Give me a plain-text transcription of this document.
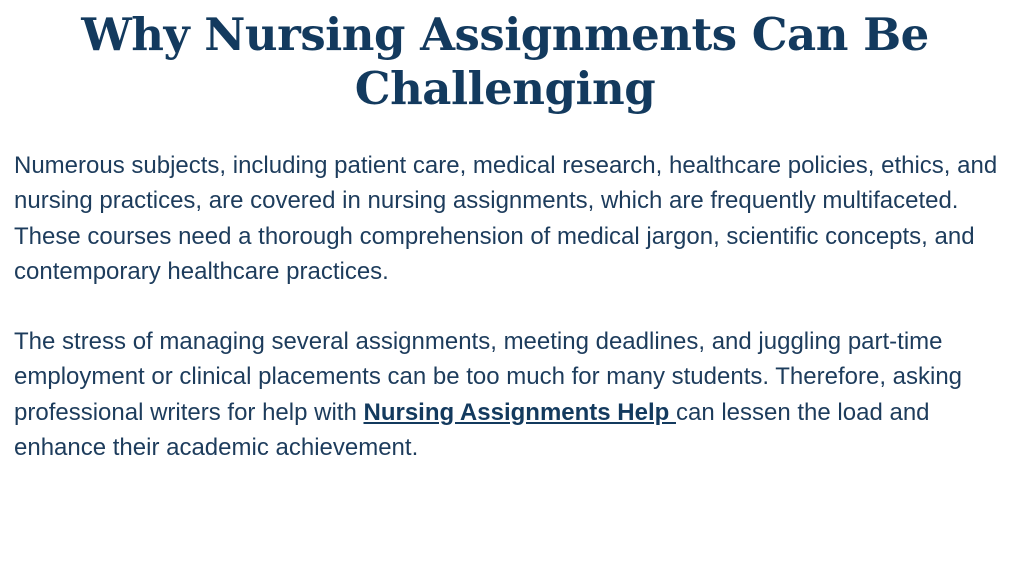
Why Nursing Assignments Can Be Challenging

Numerous subjects, including patient care, medical research, healthcare policies, ethics, and nursing practices, are covered in nursing assignments, which are frequently multifaceted. These courses need a thorough comprehension of medical jargon, scientific concepts, and contemporary healthcare practices.

The stress of managing several assignments, meeting deadlines, and juggling part-time employment or clinical placements can be too much for many students. Therefore, asking professional writers for help with Nursing Assignments Help can lessen the load and enhance their academic achievement.
